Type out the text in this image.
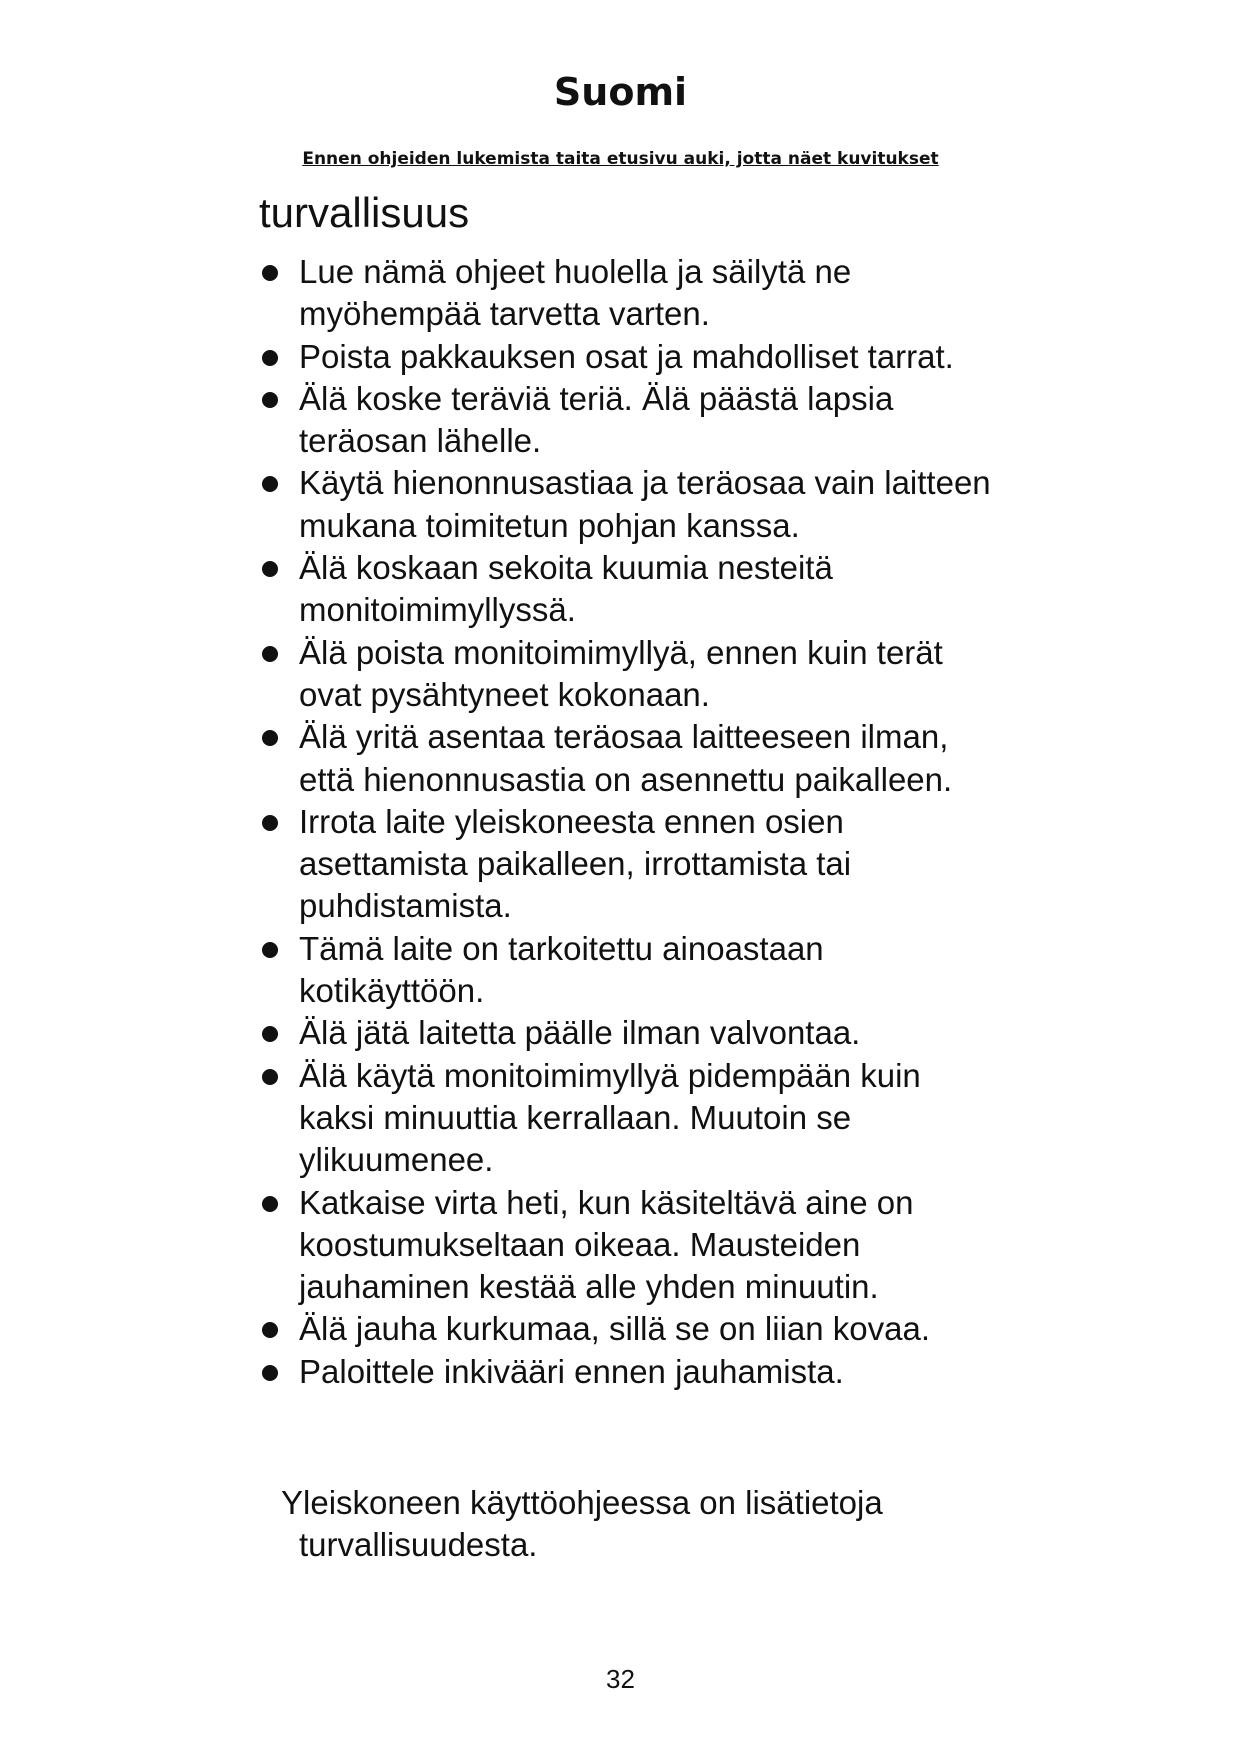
Suomi

Ennen ohjeiden lukemista taita etusivu auki, jotta näet kuvitukset

turvallisuus
Lue nämä ohjeet huolella ja säilytä ne myöhempää tarvetta varten.
Poista pakkauksen osat ja mahdolliset tarrat.
Älä koske teräviä teriä. Älä päästä lapsia teräosan lähelle.
Käytä hienonnusastiaa ja teräosaa vain laitteen mukana toimitetun pohjan kanssa.
Älä koskaan sekoita kuumia nesteitä monitoimimyllyssä.
Älä poista monitoimimyllyä, ennen kuin terät ovat pysähtyneet kokonaan.
Älä yritä asentaa teräosaa laitteeseen ilman, että hienonnusastia on asennettu paikalleen.
Irrota laite yleiskoneesta ennen osien asettamista paikalleen, irrottamista tai puhdistamista.
Tämä laite on tarkoitettu ainoastaan kotikäyttöön.
Älä jätä laitetta päälle ilman valvontaa.
Älä käytä monitoimimyllyä pidempään kuin kaksi minuuttia kerrallaan. Muutoin se ylikuumenee.
Katkaise virta heti, kun käsiteltävä aine on koostumukseltaan oikeaa. Mausteiden jauhaminen kestää alle yhden minuutin.
Älä jauha kurkumaa, sillä se on liian kovaa.
Paloittele inkivääri ennen jauhamista.

Yleiskoneen käyttöohjeessa on lisätietoja
turvallisuudesta.

32
